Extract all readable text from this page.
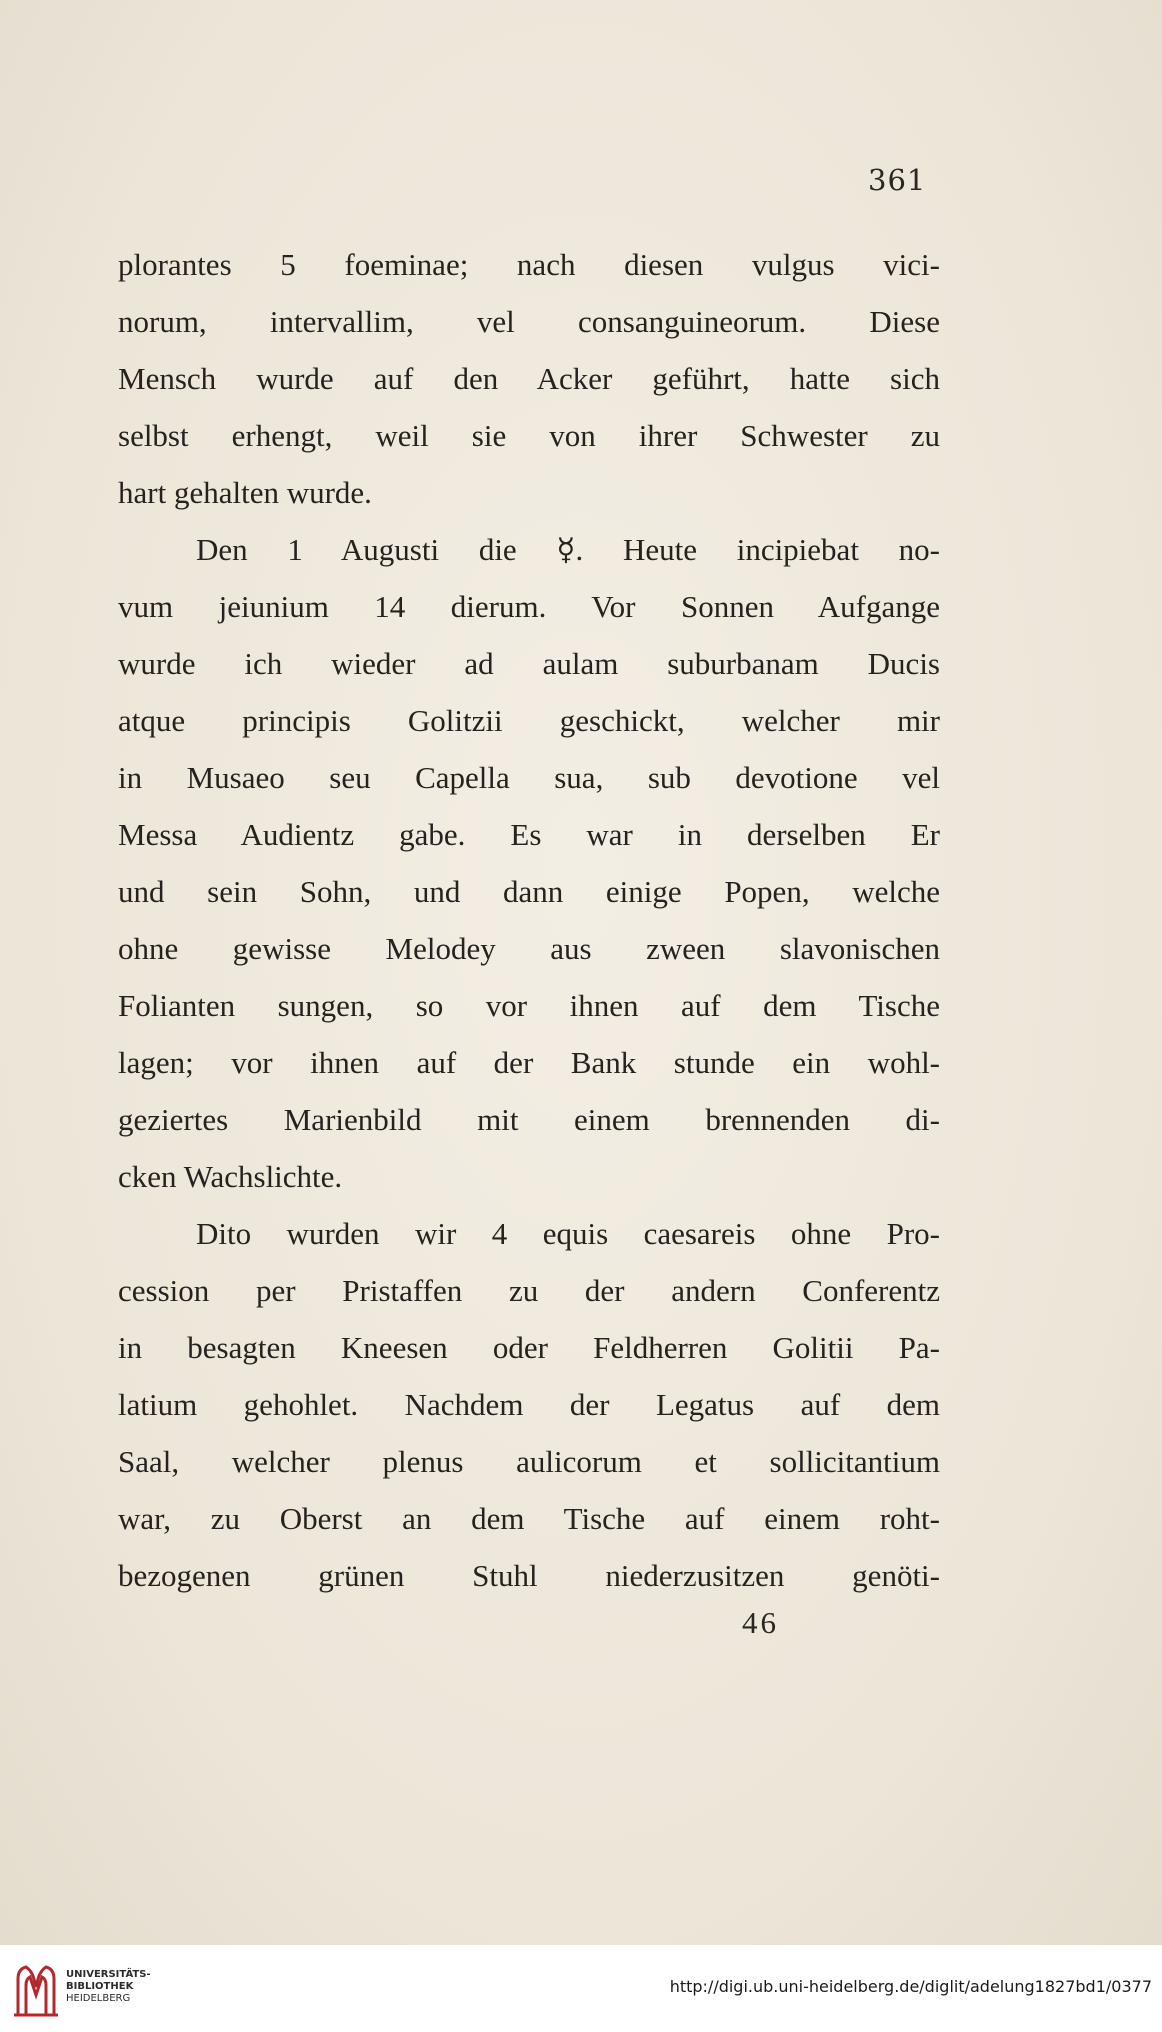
361
plorantes 5 foeminae; nach diesen vulgus vici-
norum, intervallim, vel consanguineorum. Diese
Mensch wurde auf den Acker geführt, hatte sich
selbst erhengt, weil sie von ihrer Schwester zu
hart gehalten wurde.
Den 1 Augusti die ☿. Heute incipiebat no-
vum jeiunium 14 dierum. Vor Sonnen Aufgange
wurde ich wieder ad aulam suburbanam Ducis
atque principis Golitzii geschickt, welcher mir
in Musaeo seu Capella sua, sub devotione vel
Messa Audientz gabe. Es war in derselben Er
und sein Sohn, und dann einige Popen, welche
ohne gewisse Melodey aus zween slavonischen
Folianten sungen, so vor ihnen auf dem Tische
lagen; vor ihnen auf der Bank stunde ein wohl-
geziertes Marienbild mit einem brennenden di-
cken Wachslichte.
Dito wurden wir 4 equis caesareis ohne Pro-
cession per Pristaffen zu der andern Conferentz
in besagten Kneesen oder Feldherren Golitii Pa-
latium gehohlet. Nachdem der Legatus auf dem
Saal, welcher plenus aulicorum et sollicitantium
war, zu Oberst an dem Tische auf einem roht-
bezogenen grünen Stuhl niederzusitzen genöti-
46
UNIVERSITÄTS-
BIBLIOTHEK
HEIDELBERG
http://digi.ub.uni-heidelberg.de/diglit/adelung1827bd1/0377
